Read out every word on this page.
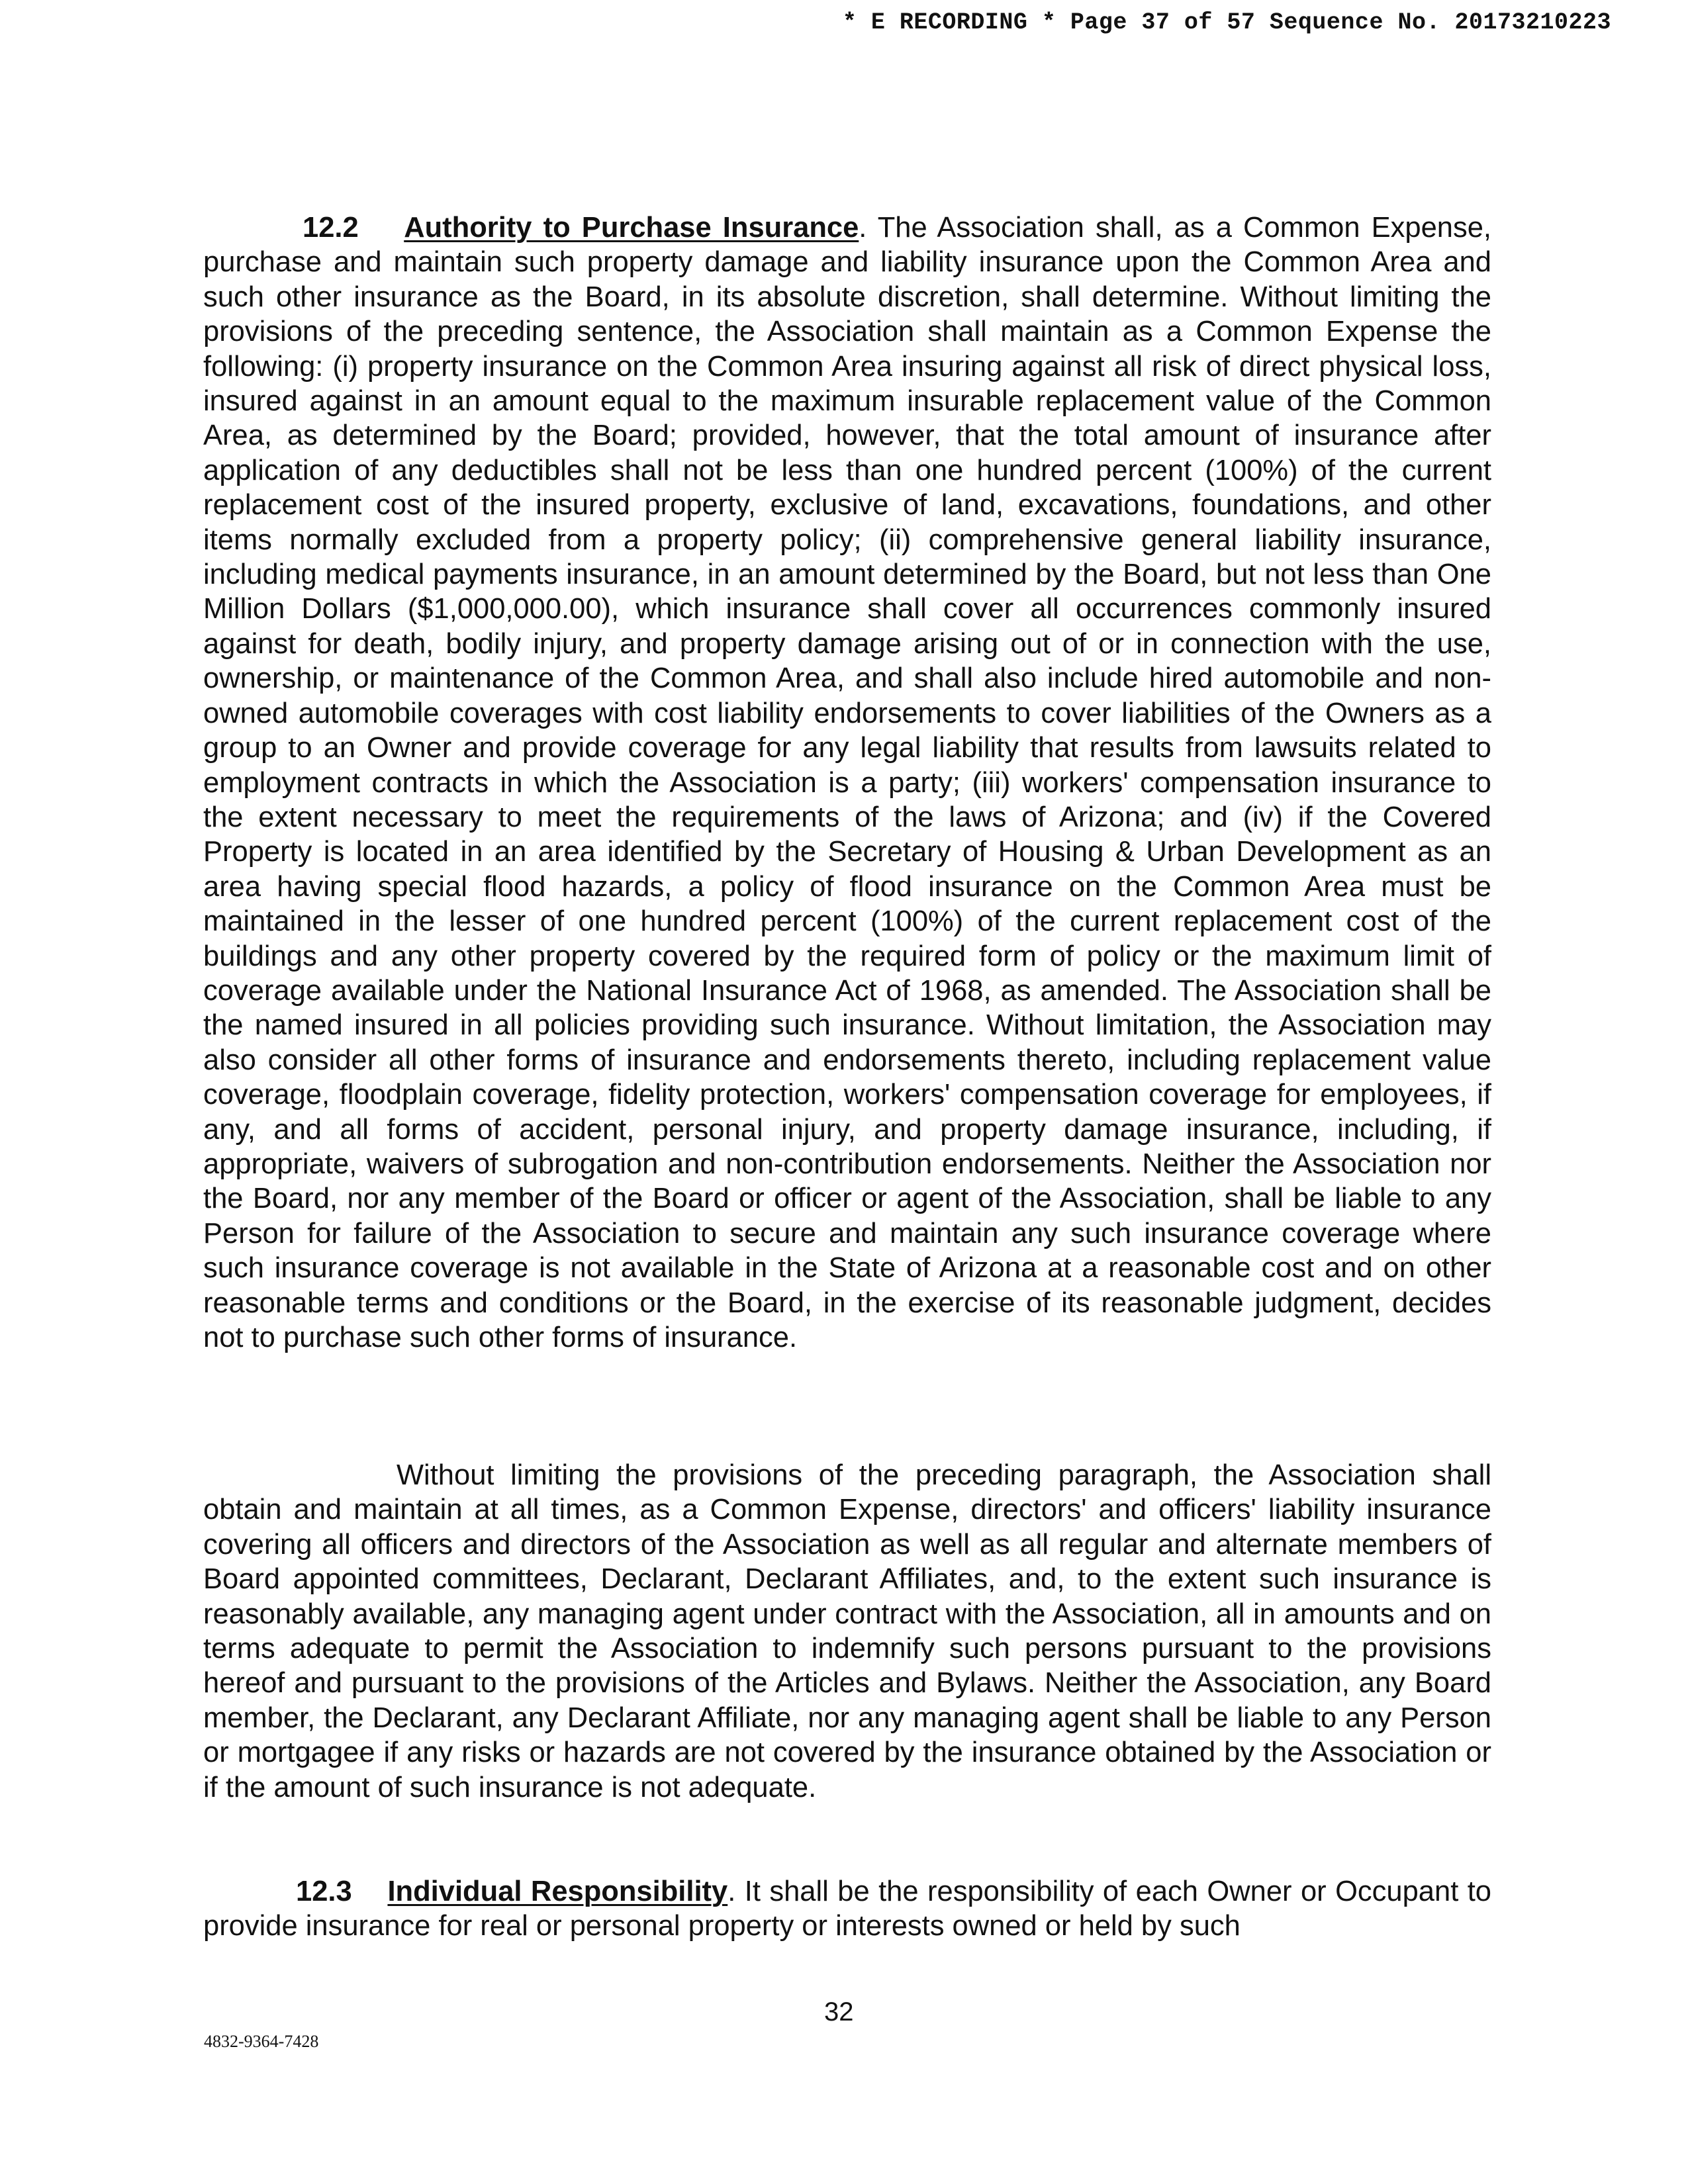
* E RECORDING * Page 37 of 57 Sequence No. 20173210223

12.2 Authority to Purchase Insurance. The Association shall, as a Common Expense, purchase and maintain such property damage and liability insurance upon the Common Area and such other insurance as the Board, in its absolute discretion, shall determine. Without limiting the provisions of the preceding sentence, the Association shall maintain as a Common Expense the following: (i) property insurance on the Common Area insuring against all risk of direct physical loss, insured against in an amount equal to the maximum insurable replacement value of the Common Area, as determined by the Board; provided, however, that the total amount of insurance after application of any deductibles shall not be less than one hundred percent (100%) of the current replacement cost of the insured property, exclusive of land, excavations, foundations, and other items normally excluded from a property policy; (ii) comprehensive general liability insurance, including medical payments insurance, in an amount determined by the Board, but not less than One Million Dollars ($1,000,000.00), which insurance shall cover all occurrences commonly insured against for death, bodily injury, and property damage arising out of or in connection with the use, ownership, or maintenance of the Common Area, and shall also include hired automobile and non-owned automobile coverages with cost liability endorsements to cover liabilities of the Owners as a group to an Owner and provide coverage for any legal liability that results from lawsuits related to employment contracts in which the Association is a party; (iii) workers' compensation insurance to the extent necessary to meet the requirements of the laws of Arizona; and (iv) if the Covered Property is located in an area identified by the Secretary of Housing & Urban Development as an area having special flood hazards, a policy of flood insurance on the Common Area must be maintained in the lesser of one hundred percent (100%) of the current replacement cost of the buildings and any other property covered by the required form of policy or the maximum limit of coverage available under the National Insurance Act of 1968, as amended. The Association shall be the named insured in all policies providing such insurance. Without limitation, the Association may also consider all other forms of insurance and endorsements thereto, including replacement value coverage, floodplain coverage, fidelity protection, workers' compensation coverage for employees, if any, and all forms of accident, personal injury, and property damage insurance, including, if appropriate, waivers of subrogation and non-contribution endorsements. Neither the Association nor the Board, nor any member of the Board or officer or agent of the Association, shall be liable to any Person for failure of the Association to secure and maintain any such insurance coverage where such insurance coverage is not available in the State of Arizona at a reasonable cost and on other reasonable terms and conditions or the Board, in the exercise of its reasonable judgment, decides not to purchase such other forms of insurance.

Without limiting the provisions of the preceding paragraph, the Association shall obtain and maintain at all times, as a Common Expense, directors' and officers' liability insurance covering all officers and directors of the Association as well as all regular and alternate members of Board appointed committees, Declarant, Declarant Affiliates, and, to the extent such insurance is reasonably available, any managing agent under contract with the Association, all in amounts and on terms adequate to permit the Association to indemnify such persons pursuant to the provisions hereof and pursuant to the provisions of the Articles and Bylaws. Neither the Association, any Board member, the Declarant, any Declarant Affiliate, nor any managing agent shall be liable to any Person or mortgagee if any risks or hazards are not covered by the insurance obtained by the Association or if the amount of such insurance is not adequate.

12.3 Individual Responsibility. It shall be the responsibility of each Owner or Occupant to provide insurance for real or personal property or interests owned or held by such

32
4832-9364-7428
